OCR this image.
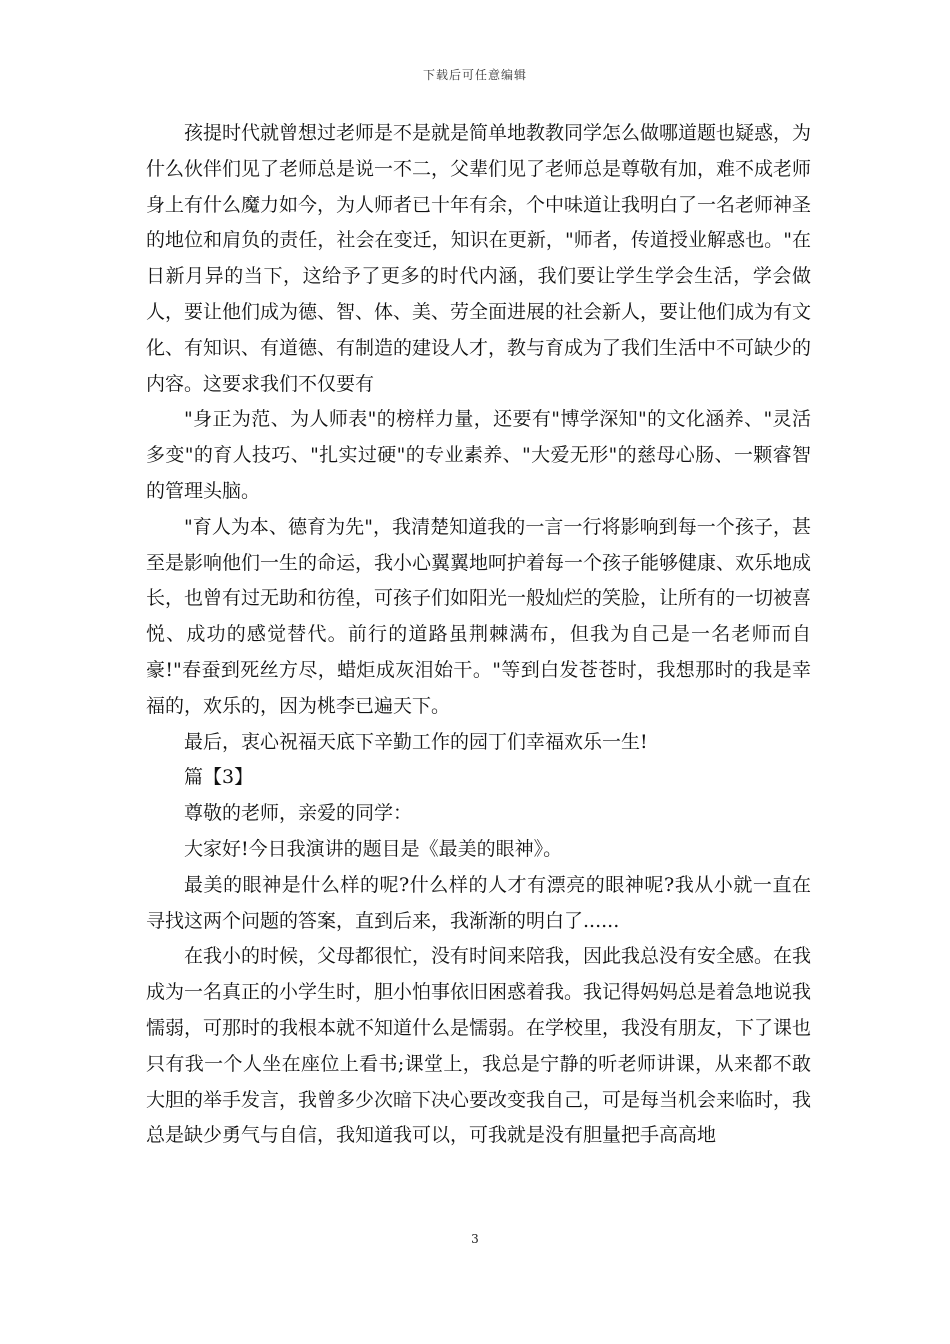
下载后可任意编辑

孩提时代就曾想过老师是不是就是简单地教教同学怎么做哪道题也疑惑，为什么伙伴们见了老师总是说一不二，父辈们见了老师总是尊敬有加，难不成老师身上有什么魔力如今，为人师者已十年有余，个中味道让我明白了一名老师神圣的地位和肩负的责任，社会在变迁，知识在更新，"师者，传道授业解惑也。"在日新月异的当下，这给予了更多的时代内涵，我们要让学生学会生活，学会做人，要让他们成为德、智、体、美、劳全面进展的社会新人，要让他们成为有文化、有知识、有道德、有制造的建设人才，教与育成为了我们生活中不可缺少的内容。这要求我们不仅要有

"身正为范、为人师表"的榜样力量，还要有"博学深知"的文化涵养、"灵活多变"的育人技巧、"扎实过硬"的专业素养、"大爱无形"的慈母心肠、一颗睿智的管理头脑。

"育人为本、德育为先"，我清楚知道我的一言一行将影响到每一个孩子，甚至是影响他们一生的命运，我小心翼翼地呵护着每一个孩子能够健康、欢乐地成长，也曾有过无助和彷徨，可孩子们如阳光一般灿烂的笑脸，让所有的一切被喜悦、成功的感觉替代。前行的道路虽荆棘满布，但我为自己是一名老师而自豪!"春蚕到死丝方尽，蜡炬成灰泪始干。"等到白发苍苍时，我想那时的我是幸福的，欢乐的，因为桃李已遍天下。

最后，衷心祝福天底下辛勤工作的园丁们幸福欢乐一生!

篇【3】

尊敬的老师，亲爱的同学：

大家好!今日我演讲的题目是《最美的眼神》。

最美的眼神是什么样的呢?什么样的人才有漂亮的眼神呢?我从小就一直在寻找这两个问题的答案，直到后来，我渐渐的明白了......

在我小的时候，父母都很忙，没有时间来陪我，因此我总没有安全感。在我成为一名真正的小学生时，胆小怕事依旧困惑着我。我记得妈妈总是着急地说我懦弱，可那时的我根本就不知道什么是懦弱。在学校里，我没有朋友，下了课也只有我一个人坐在座位上看书;课堂上，我总是宁静的听老师讲课，从来都不敢大胆的举手发言，我曾多少次暗下决心要改变我自己，可是每当机会来临时，我总是缺少勇气与自信，我知道我可以，可我就是没有胆量把手高高地

3
